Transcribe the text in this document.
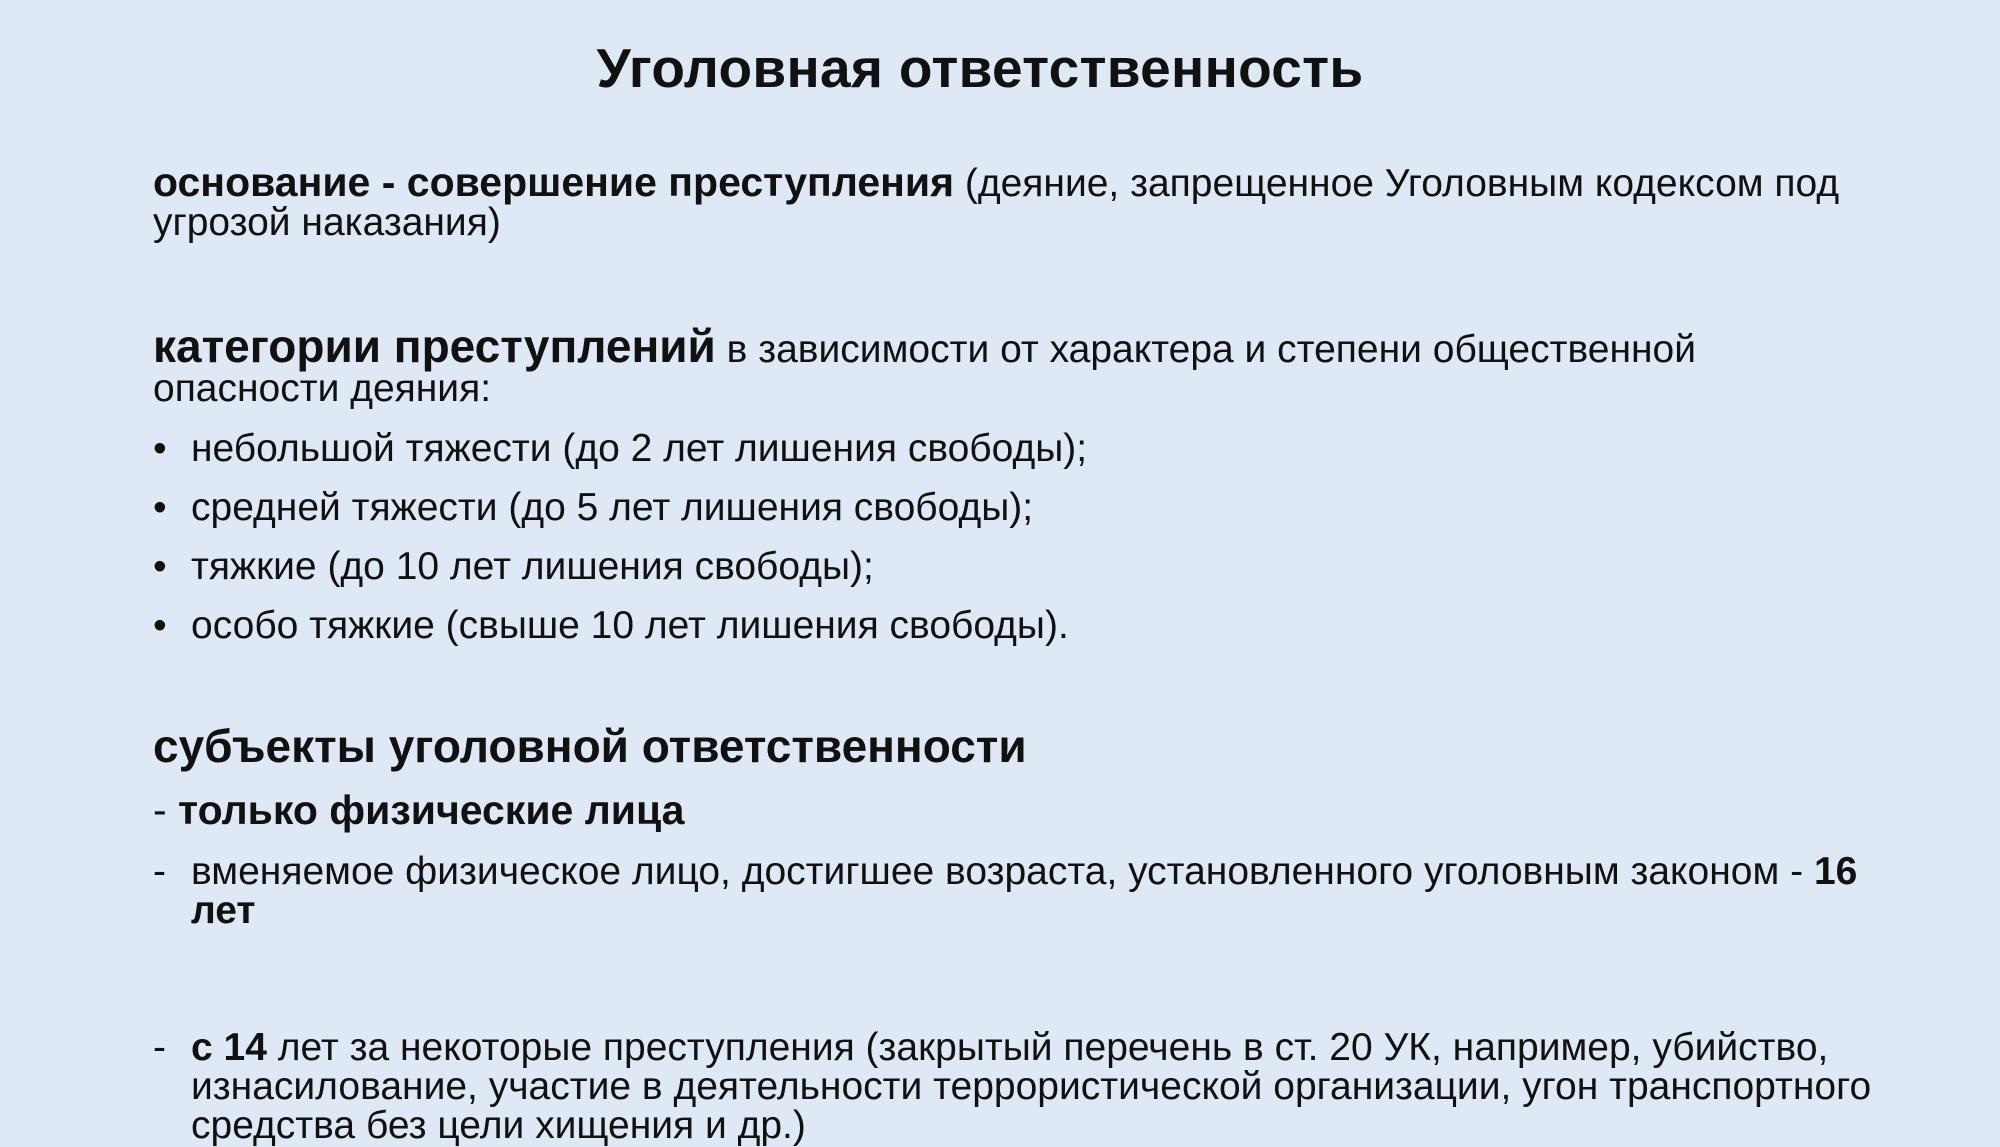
Уголовная ответственность
основание - совершение преступления (деяние, запрещенное Уголовным кодексом под угрозой наказания)
категории преступлений в зависимости от характера и степени общественной опасности деяния:
• небольшой тяжести (до 2 лет лишения свободы);
• средней тяжести (до 5 лет лишения свободы);
• тяжкие (до 10 лет лишения свободы);
• особо тяжкие (свыше 10 лет лишения свободы).
субъекты уголовной ответственности
- только физические лица
- вменяемое физическое лицо, достигшее возраста, установленного уголовным законом - 16 лет
- с 14 лет за некоторые преступления (закрытый перечень в ст. 20 УК, например, убийство, изнасилование, участие в деятельности террористической организации, угон транспортного средства без цели хищения и др.)
